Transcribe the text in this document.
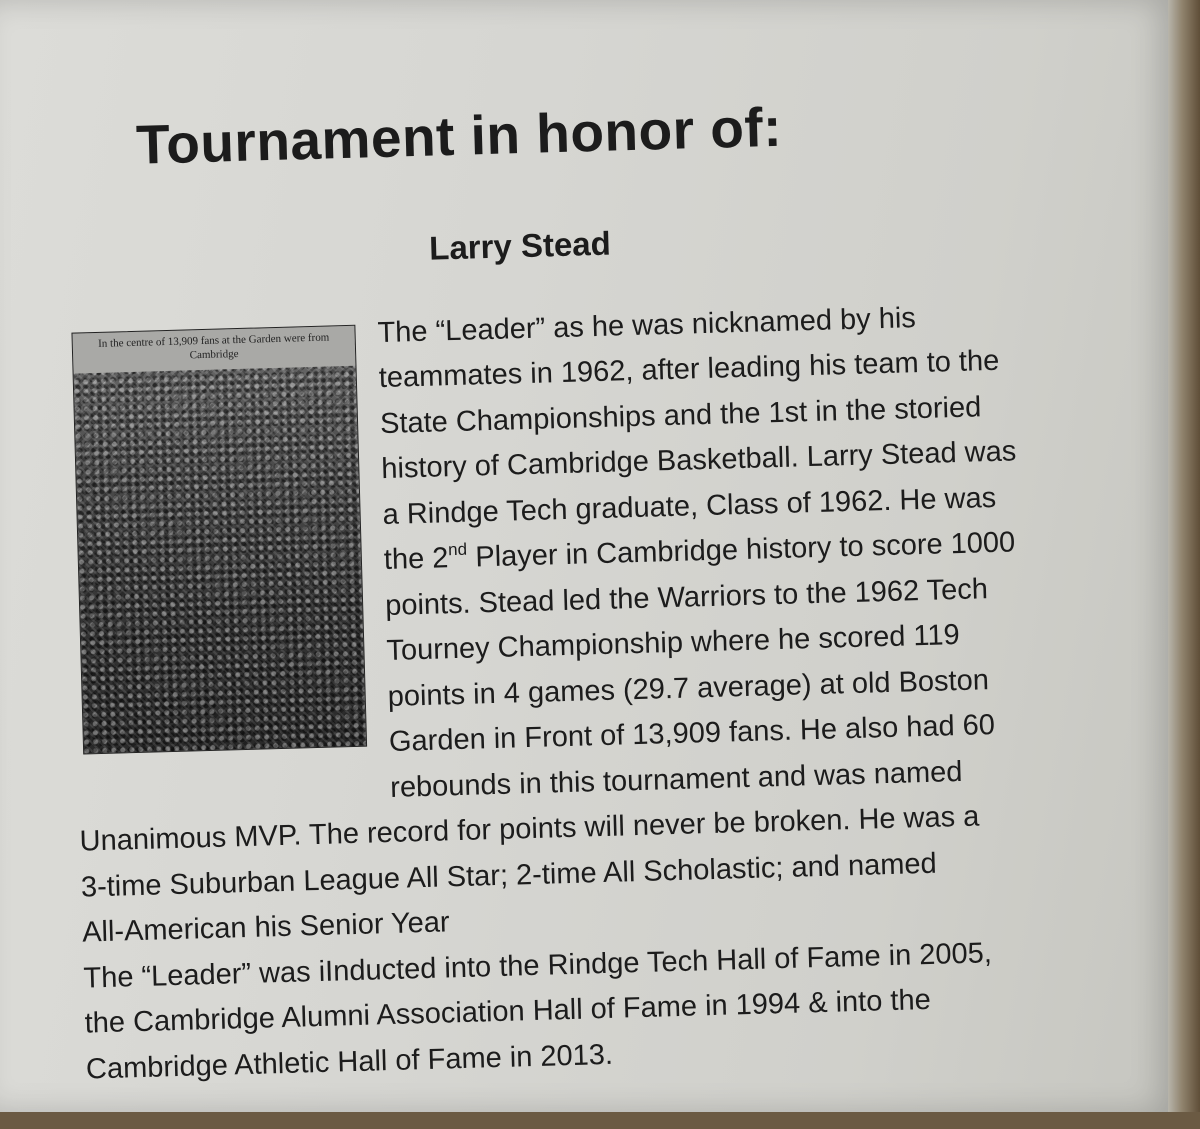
Tournament in honor of:
Larry Stead
In the centre of 13,909 fans at the Garden were from Cambridge
The “Leader” as he was nicknamed by his
teammates in 1962, after leading his team to the
State Championships and the 1st in the storied
history of Cambridge Basketball. Larry Stead was
a Rindge Tech graduate, Class of 1962. He was
the 2nd Player in Cambridge history to score 1000
points. Stead led the Warriors to the 1962 Tech
Tourney Championship where he scored 119
points in 4 games (29.7 average) at old Boston
Garden in Front of 13,909 fans. He also had 60
rebounds in this tournament and was named
Unanimous MVP. The record for points will never be broken. He was a
3-time Suburban League All Star; 2-time All Scholastic; and named
All-American his Senior Year
The “Leader” was iInducted into the Rindge Tech Hall of Fame in 2005,
the Cambridge Alumni Association Hall of Fame in 1994 & into the
Cambridge Athletic Hall of Fame in 2013.
